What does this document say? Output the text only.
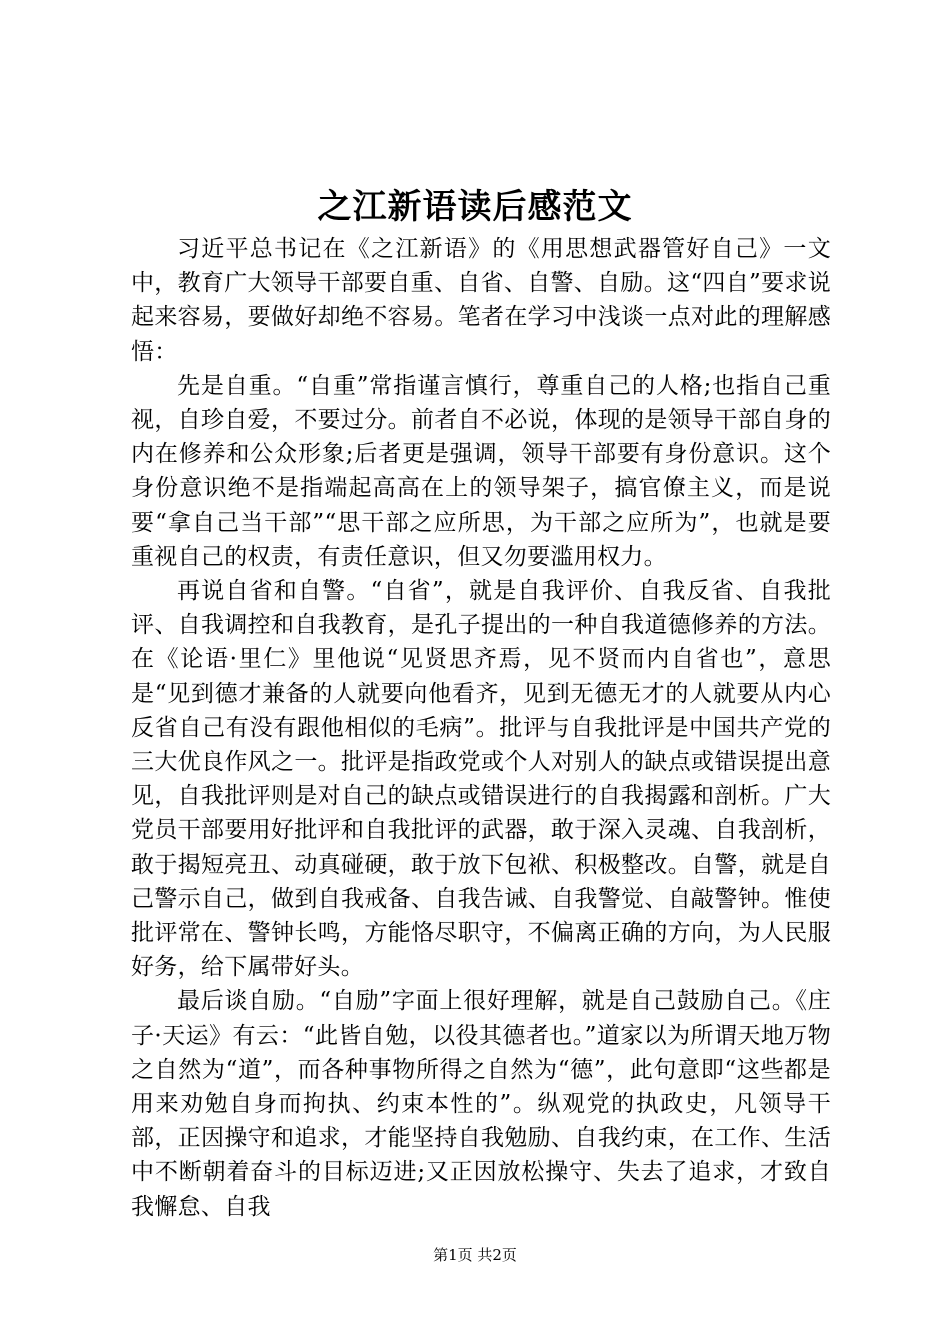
之江新语读后感范文

习近平总书记在《之江新语》的《用思想武器管好自己》一文中，教育广大领导干部要自重、自省、自警、自励。这“四自”要求说起来容易，要做好却绝不容易。笔者在学习中浅谈一点对此的理解感悟：

先是自重。“自重”常指谨言慎行，尊重自己的人格;也指自己重视，自珍自爱，不要过分。前者自不必说，体现的是领导干部自身的内在修养和公众形象;后者更是强调，领导干部要有身份意识。这个身份意识绝不是指端起高高在上的领导架子，搞官僚主义，而是说要“拿自己当干部”“思干部之应所思，为干部之应所为”，也就是要重视自己的权责，有责任意识，但又勿要滥用权力。

再说自省和自警。“自省”，就是自我评价、自我反省、自我批评、自我调控和自我教育，是孔子提出的一种自我道德修养的方法。在《论语·里仁》里他说“见贤思齐焉，见不贤而内自省也”，意思是“见到德才兼备的人就要向他看齐，见到无德无才的人就要从内心反省自己有没有跟他相似的毛病”。批评与自我批评是中国共产党的三大优良作风之一。批评是指政党或个人对别人的缺点或错误提出意见，自我批评则是对自己的缺点或错误进行的自我揭露和剖析。广大党员干部要用好批评和自我批评的武器，敢于深入灵魂、自我剖析，敢于揭短亮丑、动真碰硬，敢于放下包袱、积极整改。自警，就是自己警示自己，做到自我戒备、自我告诫、自我警觉、自敲警钟。惟使批评常在、警钟长鸣，方能恪尽职守，不偏离正确的方向，为人民服好务，给下属带好头。

最后谈自励。“自励”字面上很好理解，就是自己鼓励自己。《庄子·天运》有云：“此皆自勉，以役其德者也。”道家以为所谓天地万物之自然为“道”，而各种事物所得之自然为“德”，此句意即“这些都是用来劝勉自身而拘执、约束本性的”。纵观党的执政史，凡领导干部，正因操守和追求，才能坚持自我勉励、自我约束，在工作、生活中不断朝着奋斗的目标迈进;又正因放松操守、失去了追求，才致自我懈怠、自我

第1页 共2页
